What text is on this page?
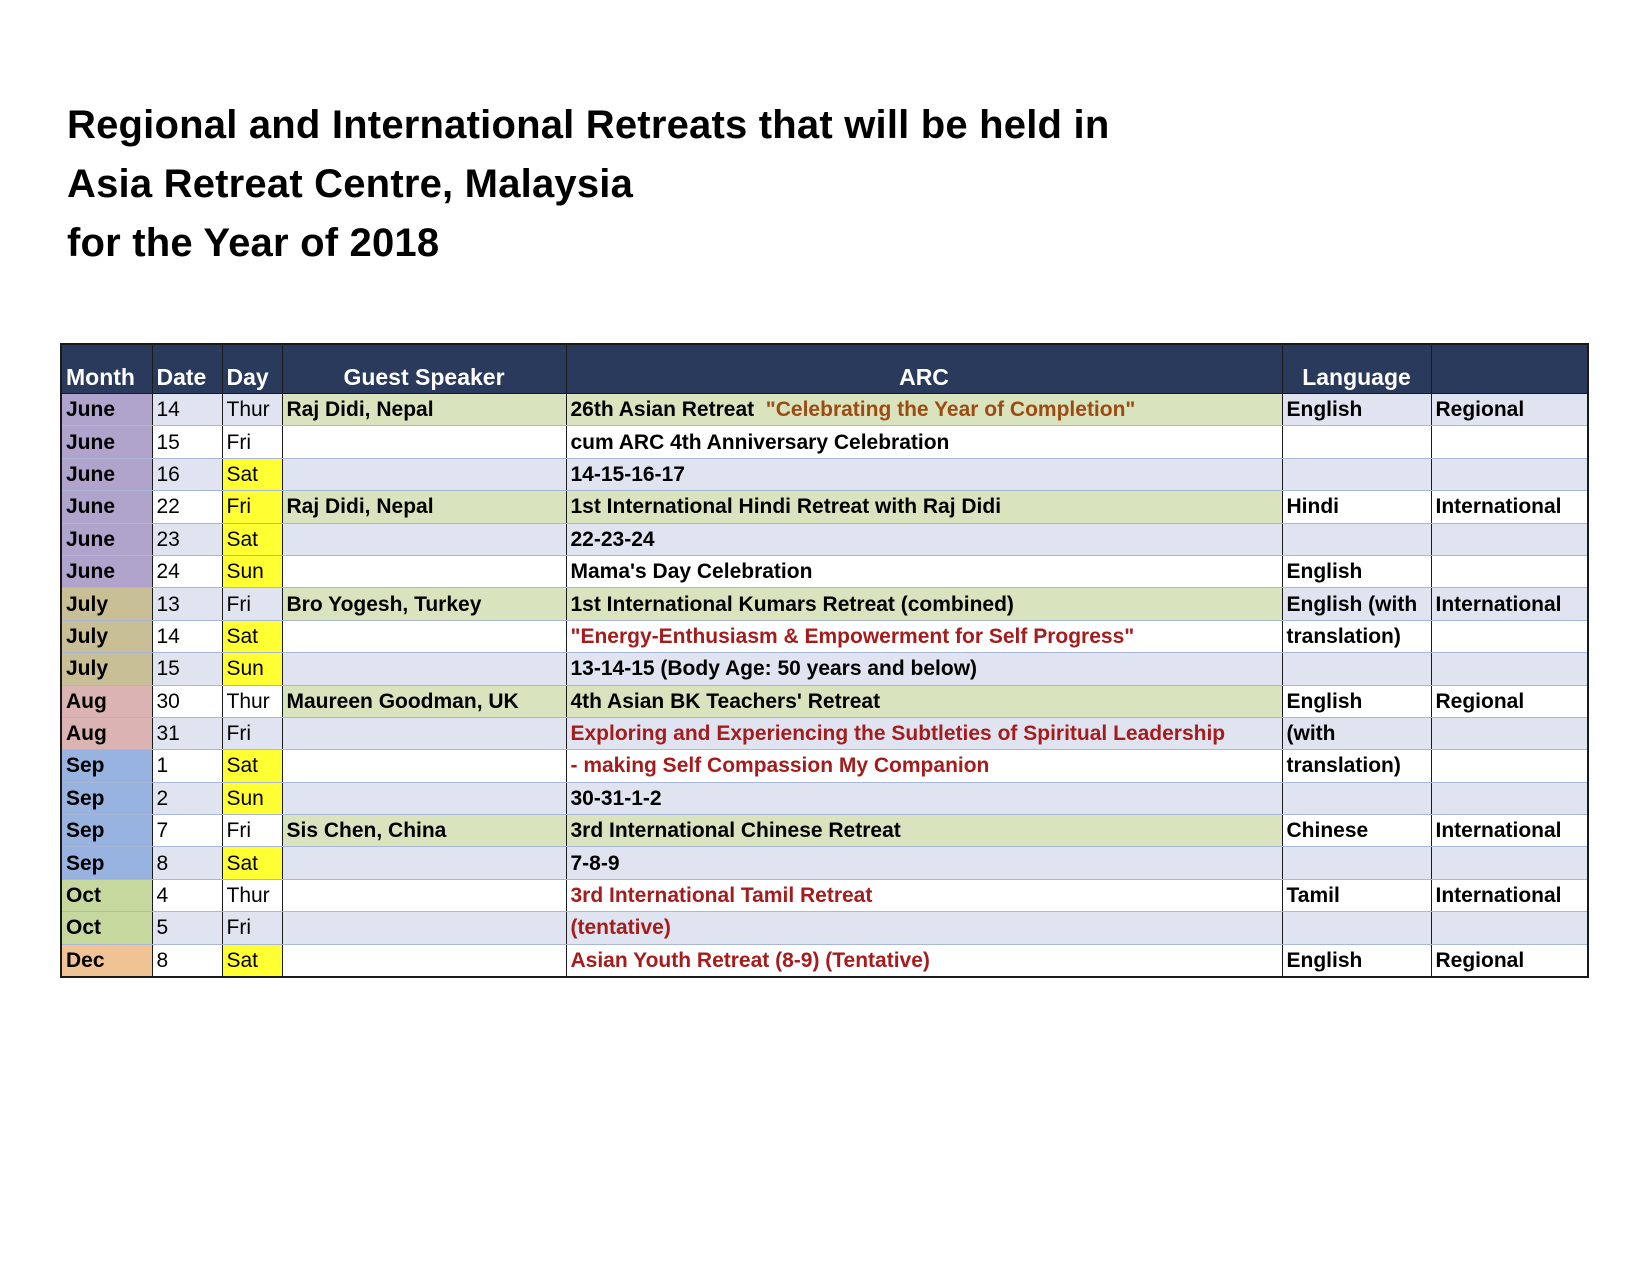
Regional and International Retreats that will be held in
Asia Retreat Centre, Malaysia
for the Year of 2018
Month	Date	Day	Guest Speaker	ARC	Language	
June	14	Thur	Raj Didi, Nepal	26th Asian Retreat "Celebrating the Year of Completion"	English	Regional
June	15	Fri		cum ARC 4th Anniversary Celebration		
June	16	Sat		14-15-16-17		
June	22	Fri	Raj Didi, Nepal	1st International Hindi Retreat with Raj Didi	Hindi	International
June	23	Sat		22-23-24		
June	24	Sun		Mama's Day Celebration	English	
July	13	Fri	Bro Yogesh, Turkey	1st International Kumars Retreat (combined)	English (with	International
July	14	Sat		"Energy-Enthusiasm & Empowerment for Self Progress"	translation)	
July	15	Sun		13-14-15 (Body Age: 50 years and below)		
Aug	30	Thur	Maureen Goodman, UK	4th Asian BK Teachers' Retreat	English	Regional
Aug	31	Fri		Exploring and Experiencing the Subtleties of Spiritual Leadership	(with	
Sep	1	Sat		- making Self Compassion My Companion	translation)	
Sep	2	Sun		30-31-1-2		
Sep	7	Fri	Sis Chen, China	3rd International Chinese Retreat	Chinese	International
Sep	8	Sat		7-8-9		
Oct	4	Thur		3rd International Tamil Retreat	Tamil	International
Oct	5	Fri		(tentative)		
Dec	8	Sat		Asian Youth Retreat (8-9) (Tentative)	English	Regional
